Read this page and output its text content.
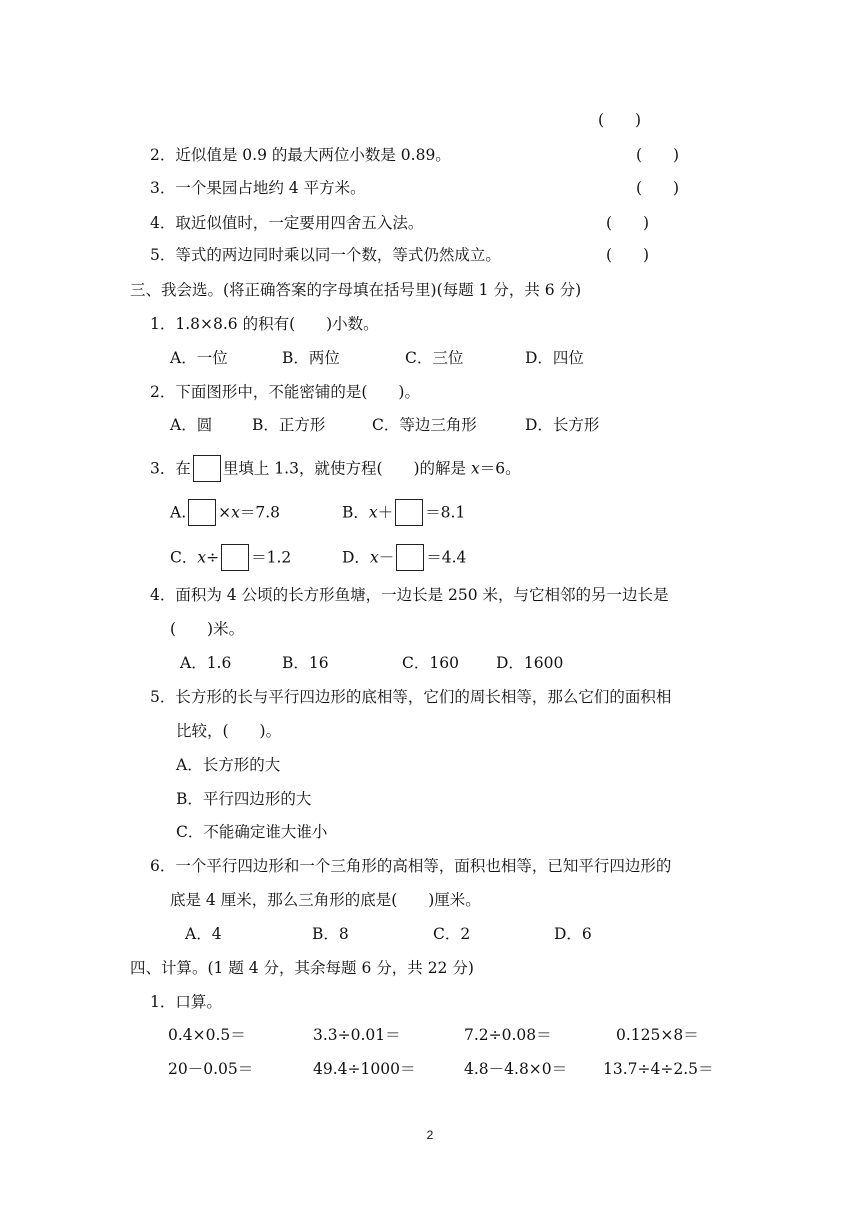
(　　)
2．近似值是 0.9 的最大两位小数是 0.89。	(　　)
3．一个果园占地约 4 平方米。	(　　)
4．取近似值时，一定要用四舍五入法。	(　　)
5．等式的两边同时乘以同一个数，等式仍然成立。	(　　)
三、我会选。(将正确答案的字母填在括号里)(每题 1 分，共 6 分)
1．1.8×8.6 的积有(　　)小数。
A．一位	B．两位	C．三位	D．四位
2．下面图形中，不能密铺的是(　　)。
A．圆	B．正方形	C．等边三角形	D．长方形
3．在 里填上 1.3，就使方程(　　)的解是 x＝6。
A. ×x＝7.8	B．x＋ ＝8.1
C．x÷ ＝1.2	D．x－ ＝4.4
4．面积为 4 公顷的长方形鱼塘，一边长是 250 米，与它相邻的另一边长是
(　　)米。
A．1.6	B．16	C．160 D．1600
5．长方形的长与平行四边形的底相等，它们的周长相等，那么它们的面积相
比较，(　　)。
A．长方形的大
B．平行四边形的大
C．不能确定谁大谁小
6．一个平行四边形和一个三角形的高相等，面积也相等，已知平行四边形的
底是 4 厘米，那么三角形的底是(　　)厘米。
A．4	B．8	C．2	D．6
四、计算。(1 题 4 分，其余每题 6 分，共 22 分)
1．口算。
0.4×0.5＝	3.3÷0.01＝	7.2÷0.08＝	0.125×8＝
20－0.05＝	49.4÷1000＝	4.8－4.8×0＝ 13.7÷4÷2.5＝
2
